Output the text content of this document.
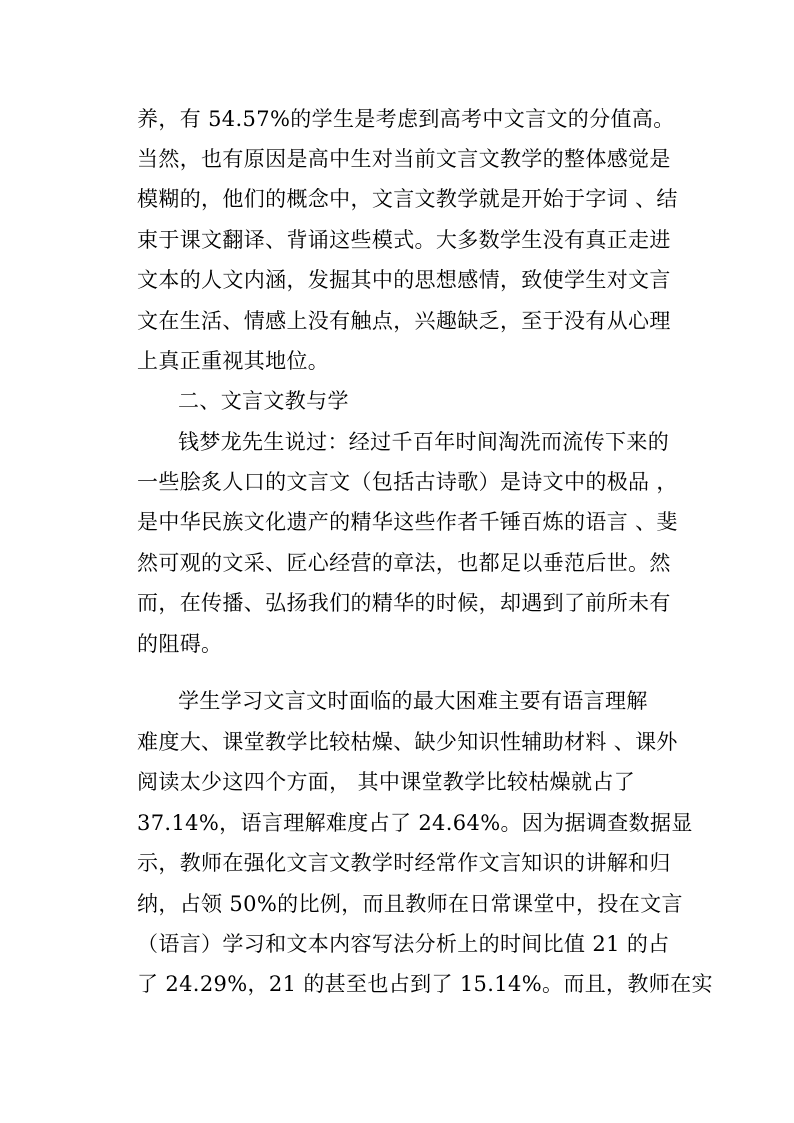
养，有 54.57%的学生是考虑到高考中文言文的分值高。
当然，也有原因是高中生对当前文言文教学的整体感觉是
模糊的，他们的概念中，文言文教学就是开始于字词 、结
束于课文翻译、背诵这些模式。大多数学生没有真正走进
文本的人文内涵，发掘其中的思想感情，致使学生对文言
文在生活、情感上没有触点，兴趣缺乏，至于没有从心理
上真正重视其地位。
二、文言文教与学
钱梦龙先生说过：经过千百年时间淘洗而流传下来的
一些脍炙人口的文言文（包括古诗歌）是诗文中的极品 ，
是中华民族文化遗产的精华这些作者千锤百炼的语言 、斐
然可观的文采、匠心经营的章法，也都足以垂范后世。然
而，在传播、弘扬我们的精华的时候，却遇到了前所未有
的阻碍。
学生学习文言文时面临的最大困难主要有语言理解
难度大、课堂教学比较枯燥、缺少知识性辅助材料 、课外
阅读太少这四个方面， 其中课堂教学比较枯燥就占了
37.14%，语言理解难度占了 24.64%。因为据调查数据显
示，教师在强化文言文教学时经常作文言知识的讲解和归
纳，占领 50%的比例，而且教师在日常课堂中，投在文言
（语言）学习和文本内容写法分析上的时间比值 21 的占
了 24.29%，21 的甚至也占到了 15.14%。而且，教师在实
